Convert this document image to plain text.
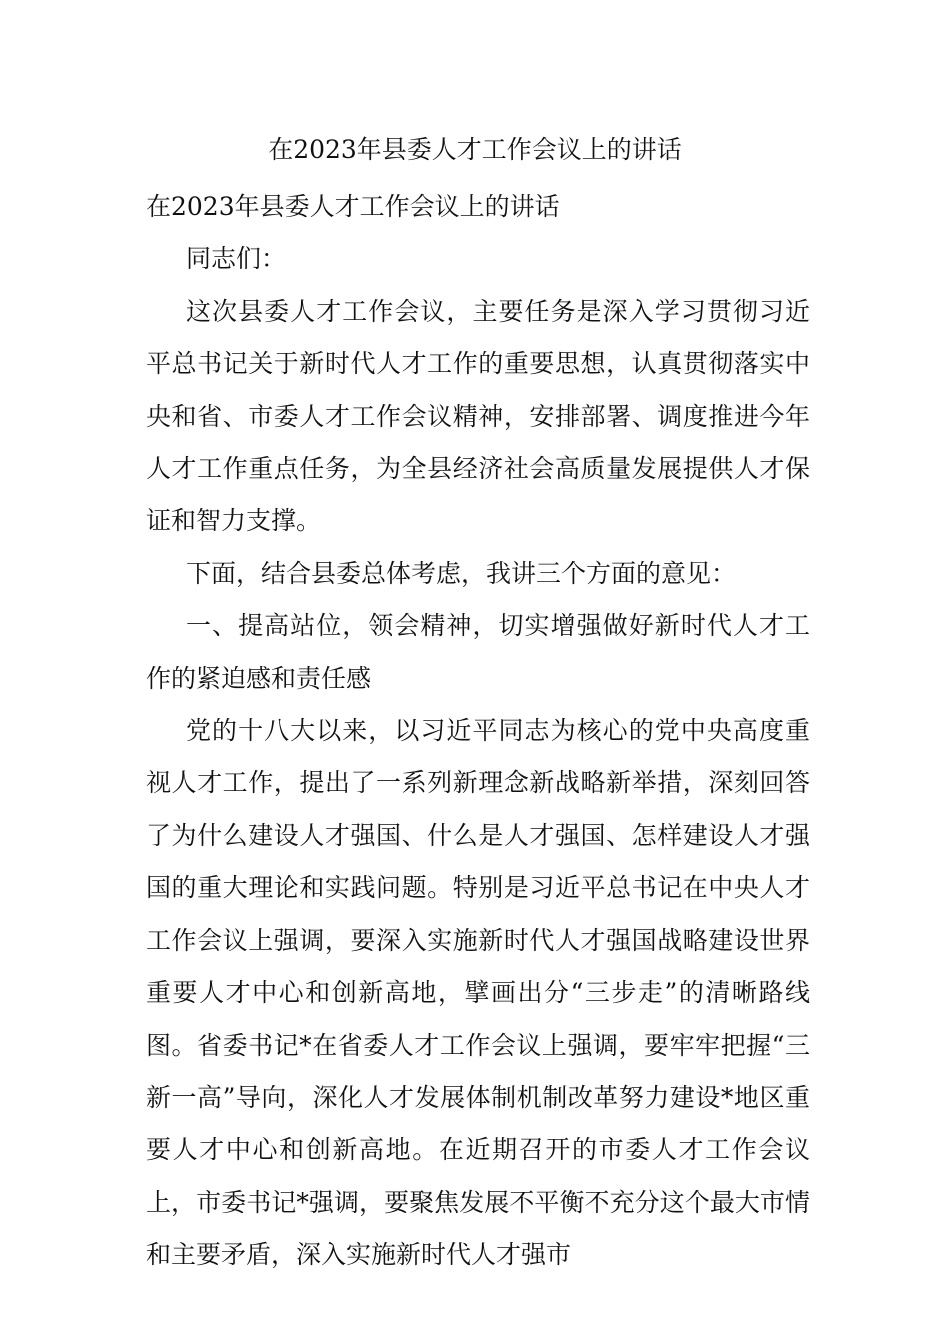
在2023年县委人才工作会议上的讲话

在2023年县委人才工作会议上的讲话

同志们：

这次县委人才工作会议，主要任务是深入学习贯彻习近平总书记关于新时代人才工作的重要思想，认真贯彻落实中央和省、市委人才工作会议精神，安排部署、调度推进今年人才工作重点任务，为全县经济社会高质量发展提供人才保证和智力支撑。

下面，结合县委总体考虑，我讲三个方面的意见：

一、提高站位，领会精神，切实增强做好新时代人才工作的紧迫感和责任感

党的十八大以来，以习近平同志为核心的党中央高度重视人才工作，提出了一系列新理念新战略新举措，深刻回答了为什么建设人才强国、什么是人才强国、怎样建设人才强国的重大理论和实践问题。特别是习近平总书记在中央人才工作会议上强调，要深入实施新时代人才强国战略建设世界重要人才中心和创新高地，擘画出分“三步走”的清晰路线图。省委书记*在省委人才工作会议上强调，要牢牢把握“三新一高”导向，深化人才发展体制机制改革努力建设*地区重要人才中心和创新高地。在近期召开的市委人才工作会议上，市委书记*强调，要聚焦发展不平衡不充分这个最大市情和主要矛盾，深入实施新时代人才强市
